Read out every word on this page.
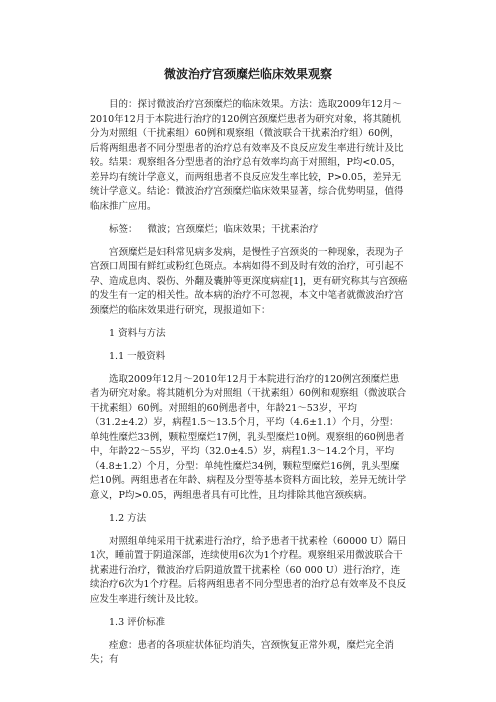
微波治疗宫颈糜烂临床效果观察

目的：探讨微波治疗宫颈糜烂的临床效果。方法：选取2009年12月～2010年12月于本院进行治疗的120例宫颈糜烂患者为研究对象，将其随机分为对照组（干扰素组）60例和观察组（微波联合干扰素治疗组）60例，后将两组患者不同分型患者的治疗总有效率及不良反应发生率进行统计及比较。结果：观察组各分型患者的治疗总有效率均高于对照组，P均<0.05，差异均有统计学意义，而两组患者不良反应发生率比较，P>0.05，差异无统计学意义。结论：微波治疗宫颈糜烂临床效果显著，综合优势明显，值得临床推广应用。

标签： 微波；宫颈糜烂；临床效果；干扰素治疗

宫颈糜烂是妇科常见病多发病，是慢性子宫颈炎的一种现象，表现为子宫颈口周围有鲜红或粉红色斑点。本病如得不到及时有效的治疗，可引起不孕、造成息肉、裂伤、外翻及囊肿等更深度病症[1]，更有研究称其与宫颈癌的发生有一定的相关性。故本病的治疗不可忽视，本文中笔者就微波治疗宫颈糜烂的临床效果进行研究，现报道如下：

1 资料与方法

1.1 一般资料

选取2009年12月～2010年12月于本院进行治疗的120例宫颈糜烂患者为研究对象。将其随机分为对照组（干扰素组）60例和观察组（微波联合干扰素组）60例。对照组的60例患者中，年龄21～53岁，平均（31.2±4.2）岁，病程1.5～13.5个月，平均（4.6±1.1）个月，分型：单纯性糜烂33例，颗粒型糜烂17例，乳头型糜烂10例。观察组的60例患者中，年龄22～55岁，平均（32.0±4.5）岁，病程1.3～14.2个月，平均（4.8±1.2）个月，分型：单纯性糜烂34例，颗粒型糜烂16例，乳头型糜烂10例。两组患者在年龄、病程及分型等基本资料方面比较，差异无统计学意义，P均>0.05，两组患者具有可比性，且均排除其他宫颈疾病。

1.2 方法

对照组单纯采用干扰素进行治疗，给予患者干扰素栓（60000 U）隔日1次，睡前置于阴道深部，连续使用6次为1个疗程。观察组采用微波联合干扰素进行治疗，微波治疗后阴道放置干扰素栓（60 000 U）进行治疗，连续治疗6次为1个疗程。后将两组患者不同分型患者的治疗总有效率及不良反应发生率进行统计及比较。

1.3 评价标准

痊愈：患者的各项症状体征均消失，宫颈恢复正常外观，糜烂完全消失；有
